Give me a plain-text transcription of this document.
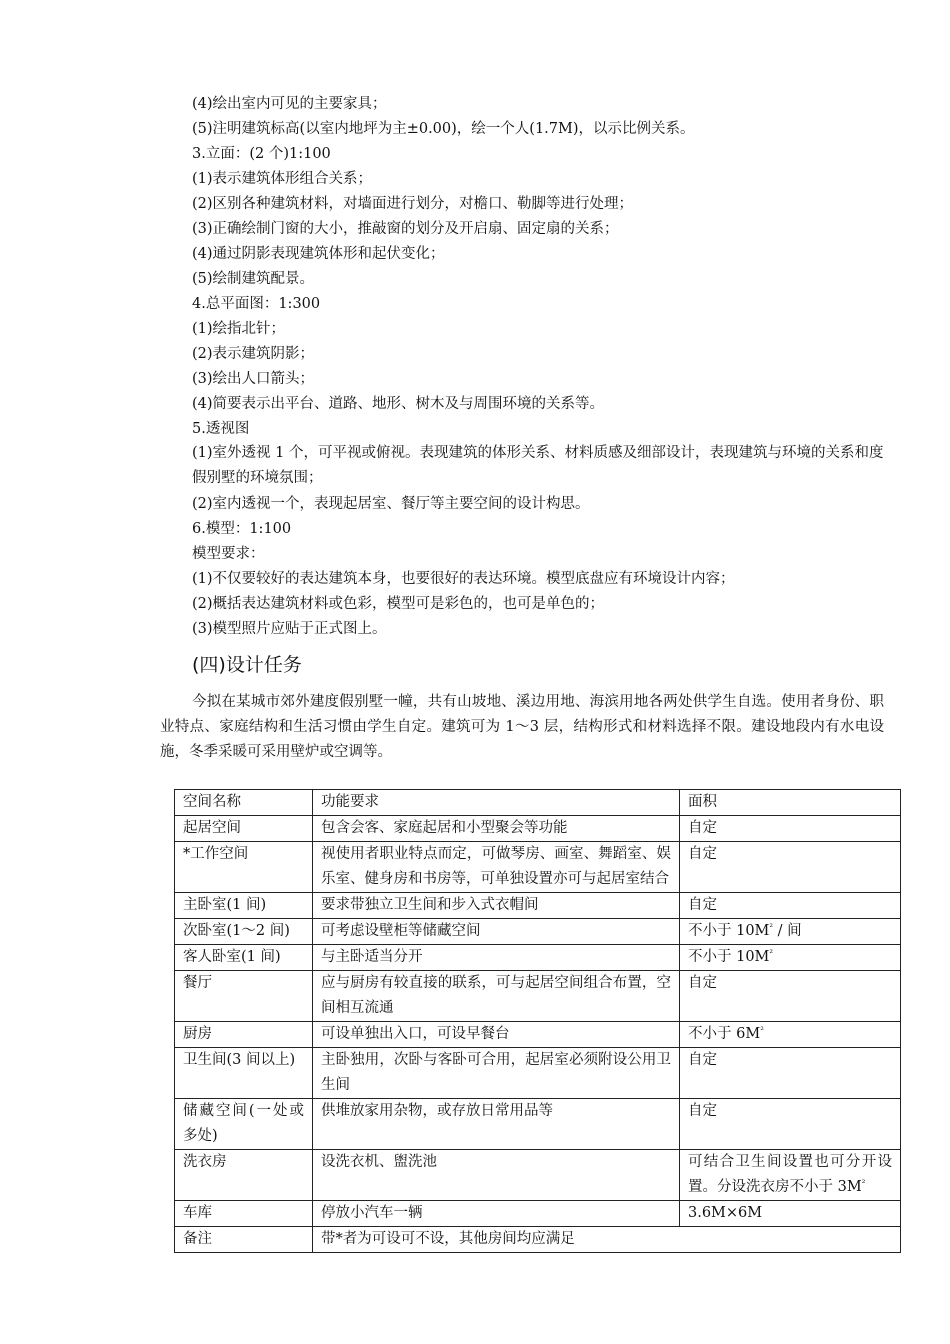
(4)绘出室内可见的主要家具；
(5)注明建筑标高(以室内地坪为主±0.00)，绘一个人(1.7M)，以示比例关系。
3.立面：(2 个)1:100
(1)表示建筑体形组合关系；
(2)区别各种建筑材料，对墙面进行划分，对檐口、勒脚等进行处理；
(3)正确绘制门窗的大小，推敲窗的划分及开启扇、固定扇的关系；
(4)通过阴影表现建筑体形和起伏变化；
(5)绘制建筑配景。
4.总平面图：1:300
(1)绘指北针；
(2)表示建筑阴影；
(3)绘出人口箭头；
(4)简要表示出平台、道路、地形、树木及与周围环境的关系等。
5.透视图
(1)室外透视 1 个，可平视或俯视。表现建筑的体形关系、材料质感及细部设计，表现建筑与环境的关系和度假别墅的环境氛围；
(2)室内透视一个，表现起居室、餐厅等主要空间的设计构思。
6.模型：1:100
模型要求：
(1)不仅要较好的表达建筑本身，也要很好的表达环境。模型底盘应有环境设计内容；
(2)概括表达建筑材料或色彩，模型可是彩色的，也可是单色的；
(3)模型照片应贴于正式图上。
(四)设计任务
今拟在某城市郊外建度假别墅一幢，共有山坡地、溪边用地、海滨用地各两处供学生自选。使用者身份、职业特点、家庭结构和生活习惯由学生自定。建筑可为 1～3 层，结构形式和材料选择不限。建设地段内有水电设施，冬季采暖可采用壁炉或空调等。
空间名称	功能要求	面积
起居空间	包含会客、家庭起居和小型聚会等功能	自定
*工作空间	视使用者职业特点而定，可做琴房、画室、舞蹈室、娱乐室、健身房和书房等，可单独设置亦可与起居室结合	自定
主卧室(1 间)	要求带独立卫生间和步入式衣帽间	自定
次卧室(1～2 间)	可考虑设壁柜等储藏空间	不小于 $10M^{^2}$ / 间
客人卧室(1 间)	与主卧适当分开	不小于 $10M^{^2}$
餐厅	应与厨房有较直接的联系，可与起居空间组合布置，空间相互流通	自定
厨房	可设单独出入口，可设早餐台	不小于 $6M^{^2}$
卫生间(3 间以上)	主卧独用，次卧与客卧可合用，起居室必须附设公用卫生间	自定
储藏空间(一处或多处)	供堆放家用杂物，或存放日常用品等	自定
洗衣房	设洗衣机、盥洗池	可结合卫生间设置也可分开设置。分设洗衣房不小于 $3M^{^2}$
车库	停放小汽车一辆	3.6M×6M
备注	带*者为可设可不设，其他房间均应满足	
